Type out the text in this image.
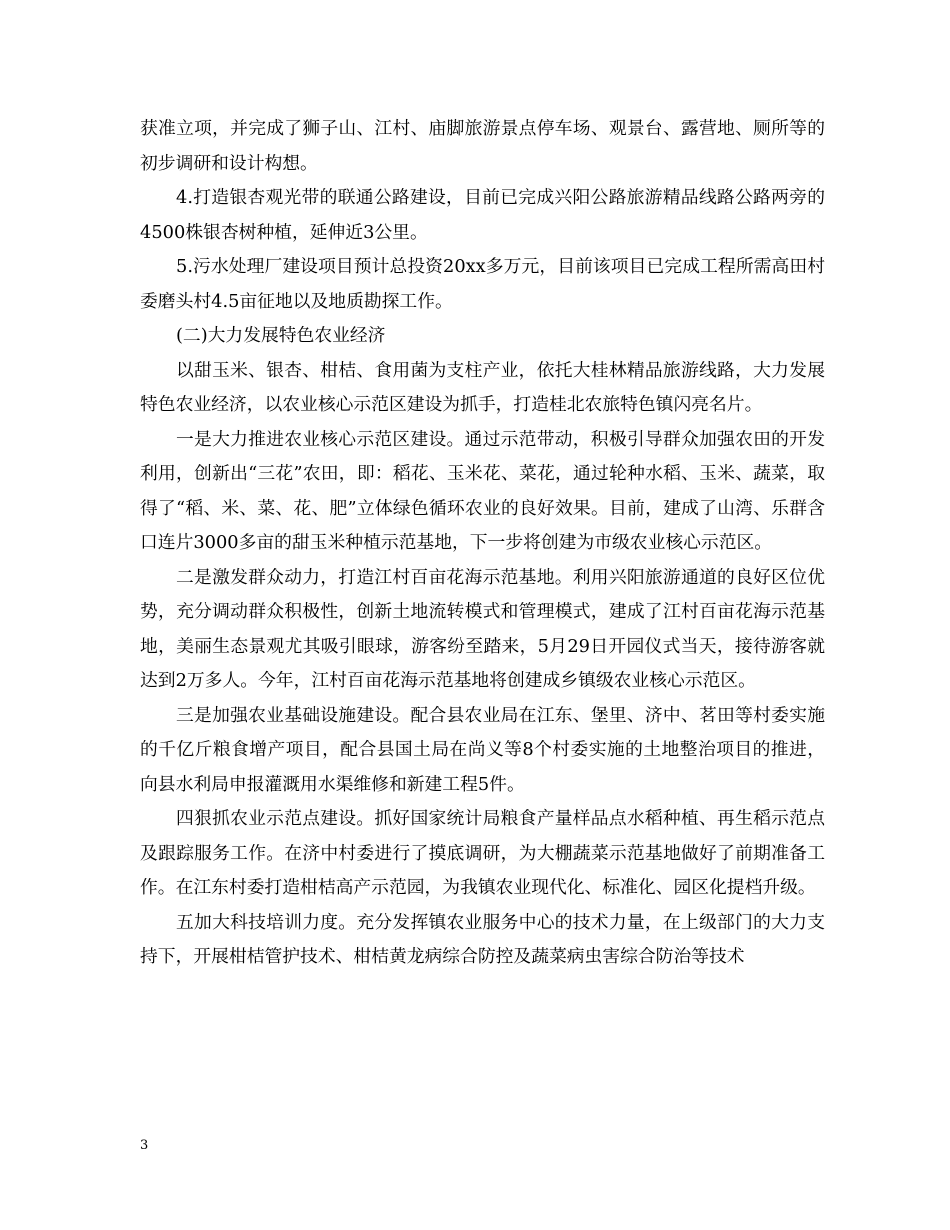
获准立项，并完成了狮子山、江村、庙脚旅游景点停车场、观景台、露营地、厕所等的初步调研和设计构想。

4.打造银杏观光带的联通公路建设，目前已完成兴阳公路旅游精品线路公路两旁的4500株银杏树种植，延伸近3公里。

5.污水处理厂建设项目预计总投资20xx多万元，目前该项目已完成工程所需高田村委磨头村4.5亩征地以及地质勘探工作。

(二)大力发展特色农业经济

以甜玉米、银杏、柑桔、食用菌为支柱产业，依托大桂林精品旅游线路，大力发展特色农业经济，以农业核心示范区建设为抓手，打造桂北农旅特色镇闪亮名片。

一是大力推进农业核心示范区建设。通过示范带动，积极引导群众加强农田的开发利用，创新出“三花”农田，即：稻花、玉米花、菜花，通过轮种水稻、玉米、蔬菜，取得了“稻、米、菜、花、肥”立体绿色循环农业的良好效果。目前，建成了山湾、乐群含口连片3000多亩的甜玉米种植示范基地，下一步将创建为市级农业核心示范区。

二是激发群众动力，打造江村百亩花海示范基地。利用兴阳旅游通道的良好区位优势，充分调动群众积极性，创新土地流转模式和管理模式，建成了江村百亩花海示范基地，美丽生态景观尤其吸引眼球，游客纷至踏来，5月29日开园仪式当天，接待游客就达到2万多人。今年，江村百亩花海示范基地将创建成乡镇级农业核心示范区。

三是加强农业基础设施建设。配合县农业局在江东、堡里、济中、茗田等村委实施的千亿斤粮食增产项目，配合县国土局在尚义等8个村委实施的土地整治项目的推进，向县水利局申报灌溉用水渠维修和新建工程5件。

四狠抓农业示范点建设。抓好国家统计局粮食产量样品点水稻种植、再生稻示范点及跟踪服务工作。在济中村委进行了摸底调研，为大棚蔬菜示范基地做好了前期准备工作。在江东村委打造柑桔高产示范园，为我镇农业现代化、标准化、园区化提档升级。

五加大科技培训力度。充分发挥镇农业服务中心的技术力量，在上级部门的大力支持下，开展柑桔管护技术、柑桔黄龙病综合防控及蔬菜病虫害综合防治等技术

3
